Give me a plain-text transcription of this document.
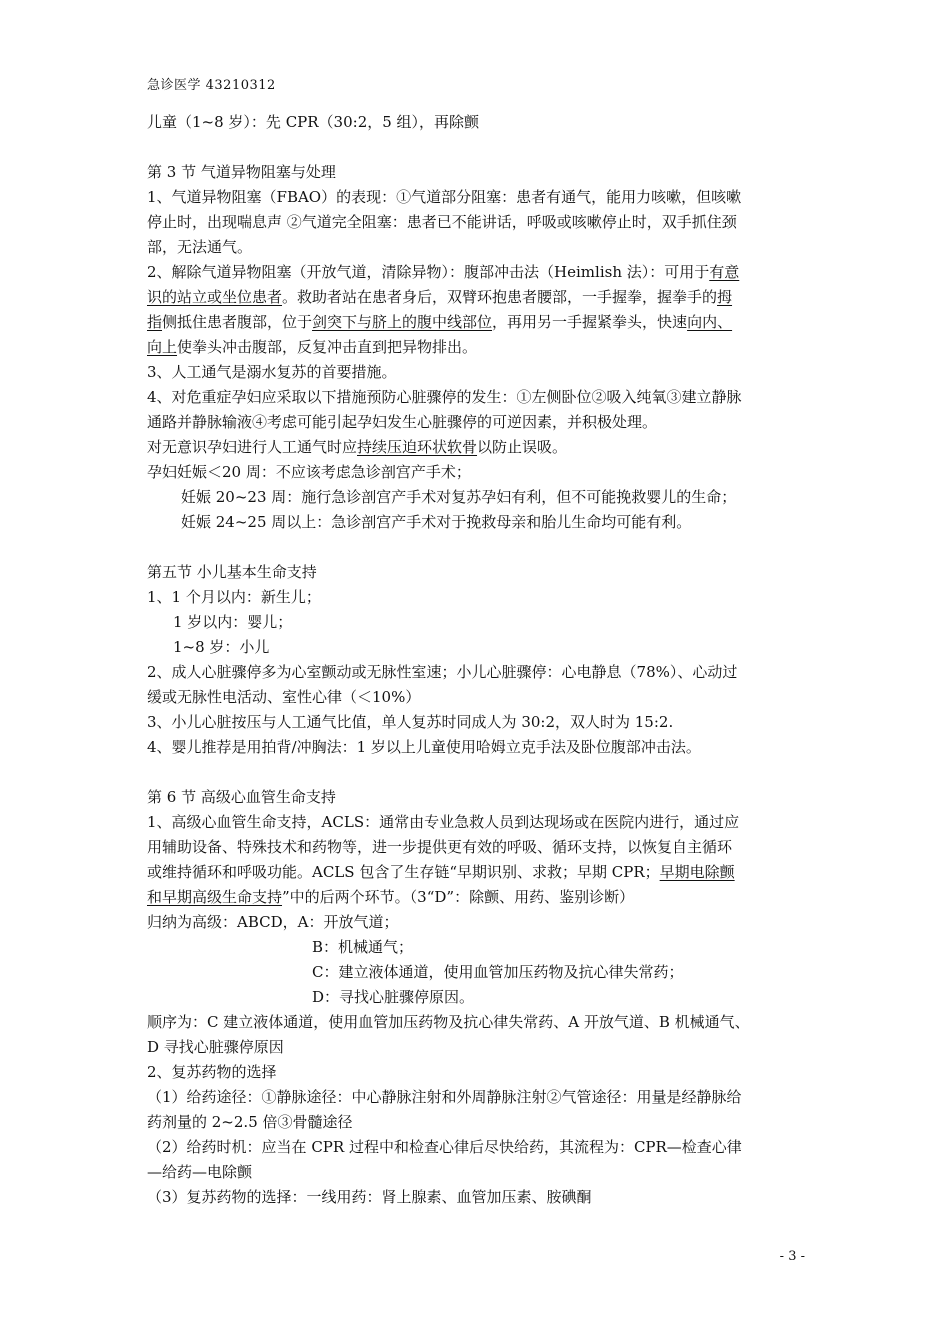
急诊医学 43210312
儿童（1~8 岁）：先 CPR（30:2，5 组），再除颤
第 3 节 气道异物阻塞与处理
1、气道异物阻塞（FBAO）的表现：①气道部分阻塞：患者有通气，能用力咳嗽，但咳嗽
停止时，出现喘息声 ②气道完全阻塞：患者已不能讲话，呼吸或咳嗽停止时，双手抓住颈
部，无法通气。
2、解除气道异物阻塞（开放气道，清除异物）：腹部冲击法（Heimlish 法）：可用于有意
识的站立或坐位患者。救助者站在患者身后，双臂环抱患者腰部，一手握拳，握拳手的拇
指侧抵住患者腹部，位于剑突下与脐上的腹中线部位，再用另一手握紧拳头，快速向内、
向上使拳头冲击腹部，反复冲击直到把异物排出。
3、人工通气是溺水复苏的首要措施。
4、对危重症孕妇应采取以下措施预防心脏骤停的发生：①左侧卧位②吸入纯氧③建立静脉
通路并静脉输液④考虑可能引起孕妇发生心脏骤停的可逆因素，并积极处理。
对无意识孕妇进行人工通气时应持续压迫环状软骨以防止误吸。
孕妇妊娠＜20 周：不应该考虑急诊剖宫产手术；
妊娠 20~23 周：施行急诊剖宫产手术对复苏孕妇有利，但不可能挽救婴儿的生命；
妊娠 24~25 周以上：急诊剖宫产手术对于挽救母亲和胎儿生命均可能有利。
第五节 小儿基本生命支持
1、1 个月以内：新生儿；
1 岁以内：婴儿；
1~8 岁：小儿
2、成人心脏骤停多为心室颤动或无脉性室速；小儿心脏骤停：心电静息（78%）、心动过
缓或无脉性电活动、室性心律（＜10%）
3、小儿心脏按压与人工通气比值，单人复苏时同成人为 30:2，双人时为 15:2.
4、婴儿推荐是用拍背/冲胸法：1 岁以上儿童使用哈姆立克手法及卧位腹部冲击法。
第 6 节 高级心血管生命支持
1、高级心血管生命支持，ACLS：通常由专业急救人员到达现场或在医院内进行，通过应
用辅助设备、特殊技术和药物等，进一步提供更有效的呼吸、循环支持，以恢复自主循环
或维持循环和呼吸功能。ACLS 包含了生存链“早期识别、求救；早期 CPR；早期电除颤
和早期高级生命支持”中的后两个环节。（3“D”：除颤、用药、鉴别诊断）
归纳为高级：ABCD，A：开放气道；
B：机械通气；
C：建立液体通道，使用血管加压药物及抗心律失常药；
D：寻找心脏骤停原因。
顺序为：C 建立液体通道，使用血管加压药物及抗心律失常药、A 开放气道、B 机械通气、
D 寻找心脏骤停原因
2、复苏药物的选择
（1）给药途径：①静脉途径：中心静脉注射和外周静脉注射②气管途径：用量是经静脉给
药剂量的 2~2.5 倍③骨髓途径
（2）给药时机：应当在 CPR 过程中和检查心律后尽快给药，其流程为：CPR—检查心律
—给药—电除颤
（3）复苏药物的选择：一线用药：肾上腺素、血管加压素、胺碘酮
- 3 -
